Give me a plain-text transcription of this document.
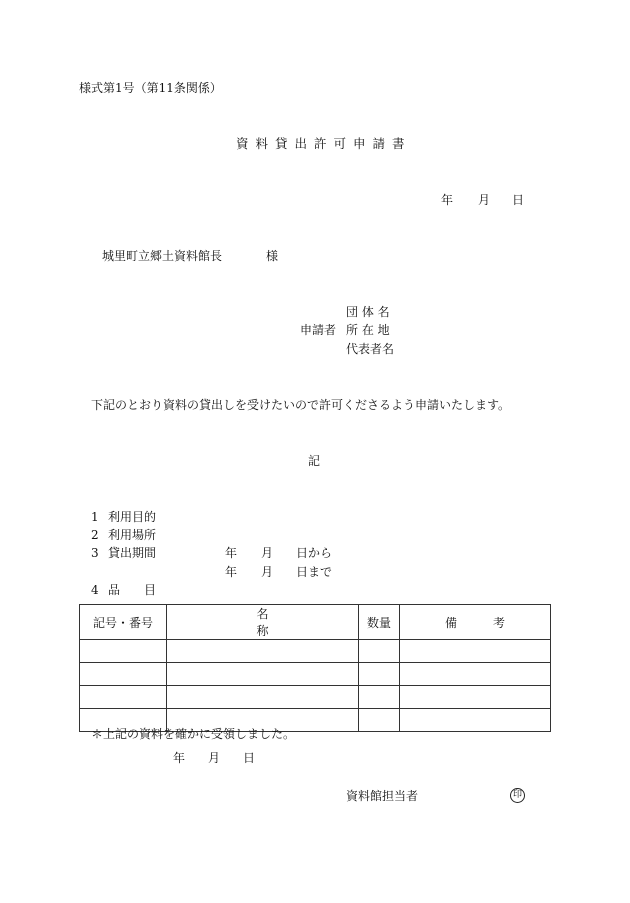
様式第1号（第11条関係）
資料貸出許可申請書
年 月 日
城里町立郷土資料館長	様
団 体 名
申請者 所 在 地
代表者名
下記のとおり資料の貸出しを受けたいので許可くださるよう申請いたします。
記
1 利用目的
2 利用場所
3 貸出期間	年 月 日から
年 月 日まで
4 品　　目
記号・番号	名称	数量	備考

＊上記の資料を確かに受領しました。
年 月 日
資料館担当者	印
